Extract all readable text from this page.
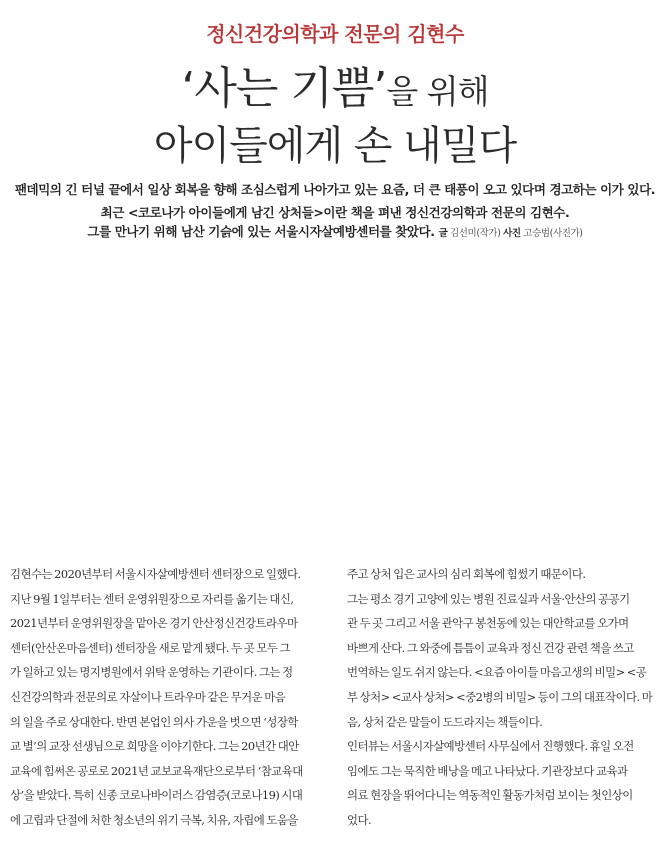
정신건강의학과 전문의 김현수
‘사는 기쁨’을 위해
아이들에게 손 내밀다
팬데믹의 긴 터널 끝에서 일상 회복을 향해 조심스럽게 나아가고 있는 요즘, 더 큰 태풍이 오고 있다며 경고하는 이가 있다.
최근 <코로나가 아이들에게 남긴 상처들>이란 책을 펴낸 정신건강의학과 전문의 김현수.
그를 만나기 위해 남산 기슭에 있는 서울시자살예방센터를 찾았다. 글 김선미(작가) 사진 고승범(사진가)
김현수는 2020년부터 서울시자살예방센터 센터장으로 일했다.
지난 9월 1일부터는 센터 운영위원장으로 자리를 옮기는 대신,
2021년부터 운영위원장을 맡아온 경기 안산정신건강트라우마
센터(안산온마음센터) 센터장을 새로 맡게 됐다. 두 곳 모두 그
가 일하고 있는 명지병원에서 위탁 운영하는 기관이다. 그는 정
신건강의학과 전문의로 자살이나 트라우마 같은 무거운 마음
의 일을 주로 상대한다. 반면 본업인 의사 가운을 벗으면 ‘성장학
교 별’의 교장 선생님으로 희망을 이야기한다. 그는 20년간 대안
교육에 힘써온 공로로 2021년 교보교육재단으로부터 ‘참교육대
상’을 받았다. 특히 신종 코로나바이러스 감염증(코로나19) 시대
에 고립과 단절에 처한 청소년의 위기 극복, 치유, 자립에 도움을
주고 상처 입은 교사의 심리 회복에 힘썼기 때문이다.
그는 평소 경기 고양에 있는 병원 진료실과 서울·안산의 공공기
관 두 곳 그리고 서울 관악구 봉천동에 있는 대안학교를 오가며
바쁘게 산다. 그 와중에 틈틈이 교육과 정신 건강 관련 책을 쓰고
번역하는 일도 쉬지 않는다. <요즘 아이들 마음고생의 비밀> <공
부 상처> <교사 상처> <중2병의 비밀> 등이 그의 대표작이다. 마
음, 상처 같은 말들이 도드라지는 책들이다.
인터뷰는 서울시자살예방센터 사무실에서 진행했다. 휴일 오전
임에도 그는 묵직한 배낭을 메고 나타났다. 기관장보다 교육과
의료 현장을 뛰어다니는 역동적인 활동가처럼 보이는 첫인상이
었다.
